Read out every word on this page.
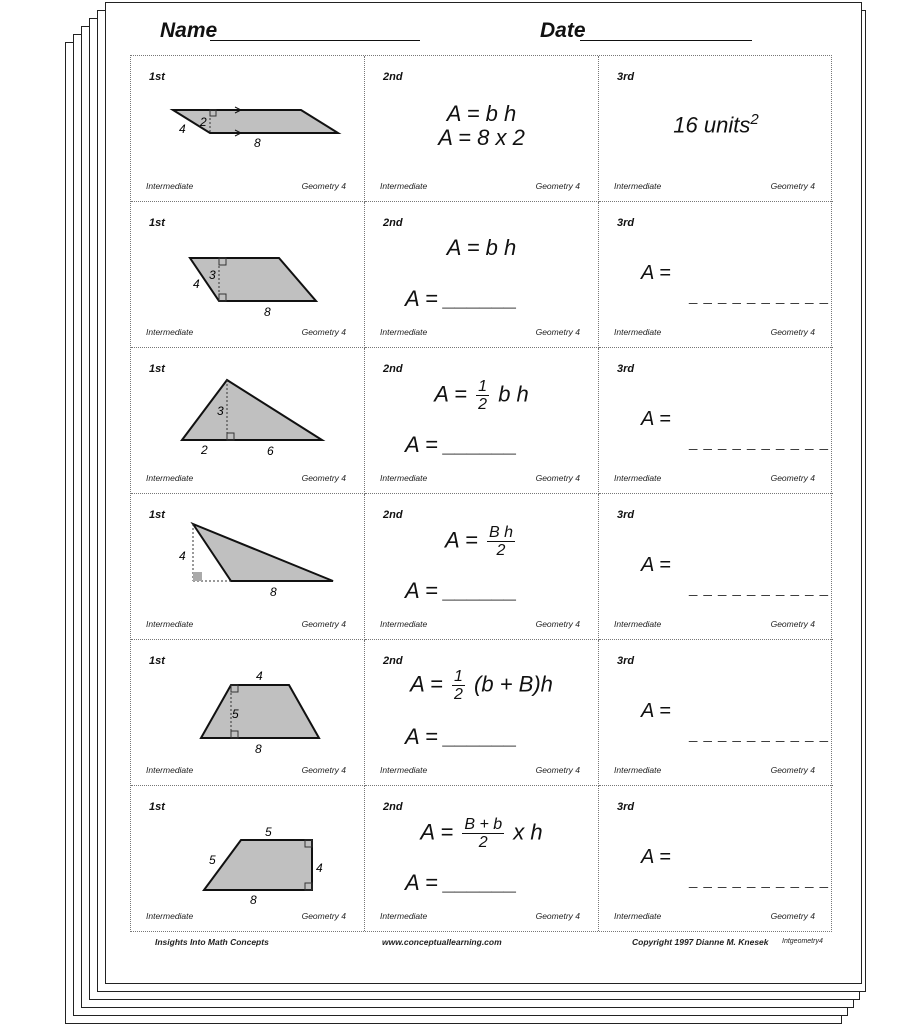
Name	Date
1st
4 2
8
Intermediate	Geometry 4
2nd
A = b h
A = 8 x 2
Intermediate	Geometry 4
3rd
16 units$^2$
Intermediate	Geometry 4
1st
4
3
8
Intermediate	Geometry 4
2nd
A = b h
A = ______
Intermediate	Geometry 4
3rd
A =
_ _ _ _ _ _ _ _ _ _
Intermediate	Geometry 4
1st
3
2	6
Intermediate	Geometry 4
2nd
$A = \frac{1}{2}$ b h
A = ______
Intermediate	Geometry 4
3rd
A =
_ _ _ _ _ _ _ _ _ _
Intermediate	Geometry 4
1st
4
8
Intermediate	Geometry 4
2nd
$A = \frac{\text{B h}}{2}$
A = ______
Intermediate	Geometry 4
3rd
A =
_ _ _ _ _ _ _ _ _ _
Intermediate	Geometry 4
1st
4
5
8
Intermediate	Geometry 4
2nd
$A = \frac{1}{2} (b + B)h$
A = ______
Intermediate	Geometry 4
3rd
A =
_ _ _ _ _ _ _ _ _ _
Intermediate	Geometry 4
1st
5
5
4
8
Intermediate	Geometry 4
2nd
$A = \frac{B + b}{2}$ x h
A = ______
Intermediate	Geometry 4
3rd
A =
_ _ _ _ _ _ _ _ _ _
Intermediate	Geometry 4
Insights Into Math Concepts	www.conceptuallearning.com	Copyright 1997 Dianne M. Knesek Intgeometry4
